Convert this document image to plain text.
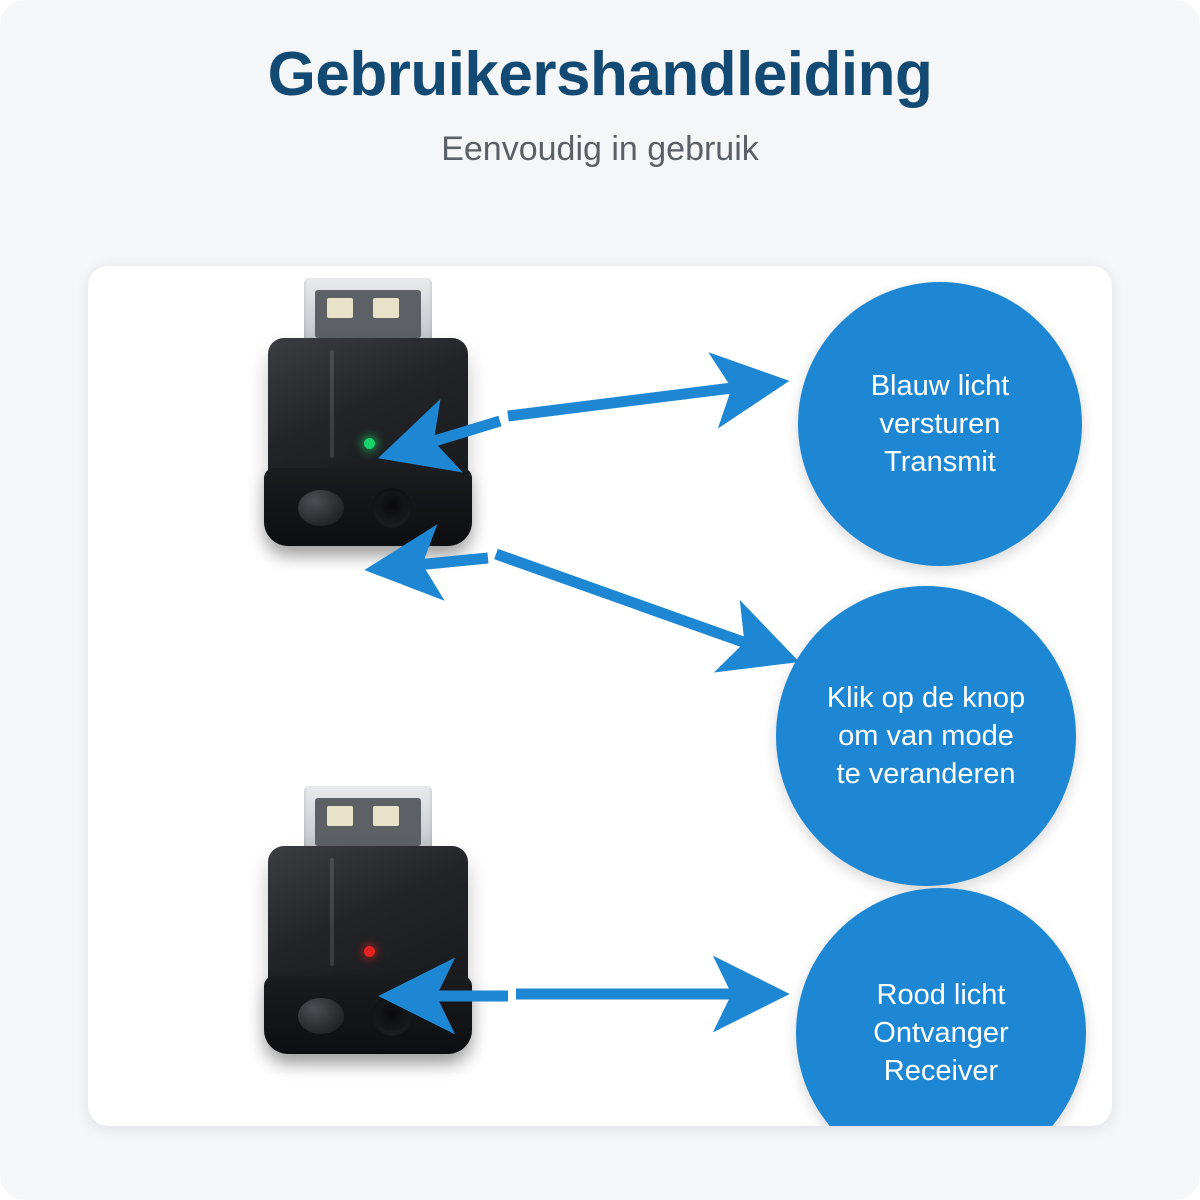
Gebruikershandleiding
Eenvoudig in gebruik
Blauw licht
versturen
Transmit
Klik op de knop
om van mode
te veranderen
Rood licht
Ontvanger
Receiver
